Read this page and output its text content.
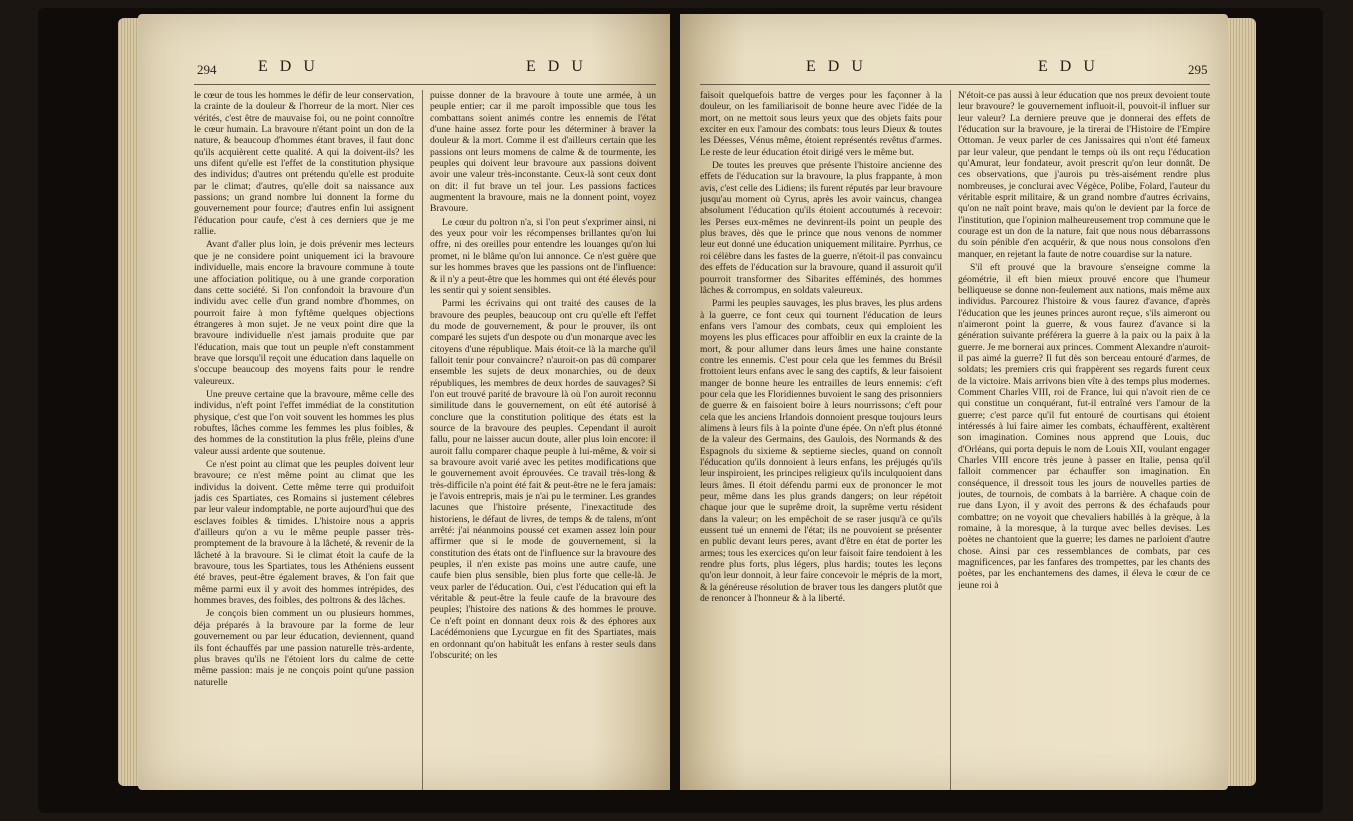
294	E D U	E D U

le cœur de tous les hommes le défir de leur conservation, la crainte de la douleur & l'horreur de la mort. Nier ces vérités, c'est être de mauvaise foi, ou ne point connoître le cœur humain. La bravoure n'étant point un don de la nature, & beaucoup d'hommes étant braves, il faut donc qu'ils acquièrent cette qualité. A qui la doivent-ils? les uns difent qu'elle est l'effet de la constitution physique des individus; d'autres ont prétendu qu'elle est produite par le climat; d'autres, qu'elle doit sa naissance aux passions; un grand nombre lui donnent la forme du gouvernement pour fource; d'autres enfin lui assignent l'éducation pour caufe, c'est à ces derniers que je me rallie.

Avant d'aller plus loin, je dois prévenir mes lecteurs que je ne considere point uniquement ici la bravoure individuelle, mais encore la bravoure commune à toute une affociation politique, ou à une grande corporation dans cette société. Si l'on confondoit la bravoure d'un individu avec celle d'un grand nombre d'hommes, on pourroit faire à mon fyftême quelques objections étrangeres à mon sujet. Je ne veux point dire que la bravoure individuelle n'est jamais produite que par l'éducation, mais que tout un peuple n'eft constamment brave que lorsqu'il reçoit une éducation dans laquelle on s'occupe beaucoup des moyens faits pour le rendre valeureux.

Une preuve certaine que la bravoure, même celle des individus, n'eft point l'effet immédiat de la constitution physique, c'est que l'on voit souvent les hommes les plus robuftes, lâches comme les femmes les plus foibles, & des hommes de la constitution la plus frêle, pleins d'une valeur aussi ardente que soutenue.

Ce n'est point au climat que les peuples doivent leur bravoure; ce n'est même point au climat que les individus la doivent. Cette même terre qui produifoit jadis ces Spartiates, ces Romains si justement célebres par leur valeur indomptable, ne porte aujourd'hui que des esclaves foibles & timides. L'histoire nous a appris d'ailleurs qu'on a vu le même peuple passer très-promptement de la bravoure à la lâcheté, & revenir de la lâcheté à la bravoure. Si le climat étoit la caufe de la bravoure, tous les Spartiates, tous les Athéniens eussent été braves, peut-être également braves, & l'on fait que même parmi eux il y avoit des hommes intrépides, des hommes braves, des foibles, des poltrons & des lâches.

Je conçois bien comment un ou plusieurs hommes, déja préparés à la bravoure par la forme de leur gouvernement ou par leur éducation, deviennent, quand ils font échauffés par une passion naturelle très-ardente, plus braves qu'ils ne l'étoient lors du calme de cette même passion: mais je ne conçois point qu'une passion naturelle

puisse donner de la bravoure à toute une armée, à un peuple entier; car il me paroît impossible que tous les combattans soient animés contre les ennemis de l'état d'une haine assez forte pour les déterminer à braver la douleur & la mort. Comme il est d'ailleurs certain que les passions ont leurs momens de calme & de tourmente, les peuples qui doivent leur bravoure aux passions doivent avoir une valeur très-inconstante. Ceux-là sont ceux dont on dit: il fut brave un tel jour. Les passions factices augmentent la bravoure, mais ne la donnent point, voyez Bravoure.

Le cœur du poltron n'a, si l'on peut s'exprimer ainsi, ni des yeux pour voir les récompenses brillantes qu'on lui offre, ni des oreilles pour entendre les louanges qu'on lui promet, ni le blâme qu'on lui annonce. Ce n'est guère que sur les hommes braves que les passions ont de l'influence: & il n'y a peut-être que les hommes qui ont été élevés pour les sentir qui y soient sensibles.

Parmi les écrivains qui ont traité des causes de la bravoure des peuples, beaucoup ont cru qu'elle eft l'effet du mode de gouvernement, & pour le prouver, ils ont comparé les sujets d'un despote ou d'un monarque avec les citoyens d'une république. Mais étoit-ce là la marche qu'il falloit tenir pour convaincre? n'auroit-on pas dû comparer ensemble les sujets de deux monarchies, ou de deux républiques, les membres de deux hordes de sauvages? Si l'on eut trouvé parité de bravoure là où l'on auroit reconnu similitude dans le gouvernement, on eût été autorisé à conclure que la constitution politique des états est la source de la bravoure des peuples. Cependant il auroit fallu, pour ne laisser aucun doute, aller plus loin encore: il auroit fallu comparer chaque peuple à lui-même, & voir si sa bravoure avoit varié avec les petites modifications que le gouvernement avoit éprouvées. Ce travail très-long & très-difficile n'a point été fait & peut-être ne le fera jamais: je l'avois entrepris, mais je n'ai pu le terminer. Les grandes lacunes que l'histoire présente, l'inexactitude des historiens, le défaut de livres, de temps & de talens, m'ont arrêté: j'ai néanmoins poussé cet examen assez loin pour affirmer que si le mode de gouvernement, si la constitution des états ont de l'influence sur la bravoure des peuples, il n'en existe pas moins une autre caufe, une caufe bien plus sensible, bien plus forte que celle-là. Je veux parler de l'éducation. Oui, c'est l'éducation qui eft la véritable & peut-être la feule caufe de la bravoure des peuples; l'histoire des nations & des hommes le prouve. Ce n'eft point en donnant deux rois & des éphores aux Lacédémoniens que Lycurgue en fit des Spartiates, mais en ordonnant qu'on habituât les enfans à rester seuls dans l'obscurité; on les

E D U	E D U	295

faisoit quelquefois battre de verges pour les façonner à la douleur, on les familiarisoit de bonne heure avec l'idée de la mort, on ne mettoit sous leurs yeux que des objets faits pour exciter en eux l'amour des combats: tous leurs Dieux & toutes les Déesses, Vénus même, étoient représentés revêtus d'armes. Le reste de leur éducation étoit dirigé vers le même but.

De toutes les preuves que présente l'histoire ancienne des effets de l'éducation sur la bravoure, la plus frappante, à mon avis, c'est celle des Lidiens; ils furent réputés par leur bravoure jusqu'au moment où Cyrus, après les avoir vaincus, changea absolument l'éducation qu'ils étoient accoutumés à recevoir: les Perses eux-mêmes ne devinrent-ils point un peuple des plus braves, dès que le prince que nous venons de nommer leur eut donné une éducation uniquement militaire. Pyrrhus, ce roi célèbre dans les fastes de la guerre, n'étoit-il pas convaincu des effets de l'éducation sur la bravoure, quand il assuroit qu'il pourroit transformer des Sibarites efféminés, des hommes lâches & corrompus, en soldats valeureux.

Parmi les peuples sauvages, les plus braves, les plus ardens à la guerre, ce font ceux qui tournent l'éducation de leurs enfans vers l'amour des combats, ceux qui emploient les moyens les plus efficaces pour affoiblir en eux la crainte de la mort, & pour allumer dans leurs âmes une haine constante contre les ennemis. C'est pour cela que les femmes du Brésil frottoient leurs enfans avec le sang des captifs, & leur faisoient manger de bonne heure les entrailles de leurs ennemis: c'eft pour cela que les Floridiennes buvoient le sang des prisonniers de guerre & en faisoient boire à leurs nourrissons; c'eft pour cela que les anciens Irlandois donnoient presque toujours leurs alimens à leurs fils à la pointe d'une épée. On n'eft plus étonné de la valeur des Germains, des Gaulois, des Normands & des Espagnols du sixieme & septieme siecles, quand on connoît l'éducation qu'ils donnoient à leurs enfans, les préjugés qu'ils leur inspiroient, les principes religieux qu'ils inculquoient dans leurs âmes. Il étoit défendu parmi eux de prononcer le mot peur, même dans les plus grands dangers; on leur répétoit chaque jour que le suprême droit, la suprême vertu résident dans la valeur; on les empêchoit de se raser jusqu'à ce qu'ils eussent tué un ennemi de l'état; ils ne pouvoient se présenter en public devant leurs peres, avant d'être en état de porter les armes; tous les exercices qu'on leur faisoit faire tendoient à les rendre plus forts, plus légers, plus hardis; toutes les leçons qu'on leur donnoit, à leur faire concevoir le mépris de la mort, & la généreuse résolution de braver tous les dangers plutôt que de renoncer à l'honneur & à la liberté.

N'étoit-ce pas aussi à leur éducation que nos preux devoient toute leur bravoure? le gouvernement influoit-il, pouvoit-il influer sur leur valeur? La derniere preuve que je donnerai des effets de l'éducation sur la bravoure, je la tirerai de l'Histoire de l'Empire Ottoman. Je veux parler de ces Janissaires qui n'ont été fameux par leur valeur, que pendant le temps où ils ont reçu l'éducation qu'Amurat, leur fondateur, avoit prescrit qu'on leur donnât. De ces observations, que j'aurois pu très-aisément rendre plus nombreuses, je conclurai avec Végèce, Polibe, Folard, l'auteur du véritable esprit militaire, & un grand nombre d'autres écrivains, qu'on ne naît point brave, mais qu'on le devient par la force de l'institution, que l'opinion malheureusement trop commune que le courage est un don de la nature, fait que nous nous débarrassons du soin pénible d'en acquérir, & que nous nous consolons d'en manquer, en rejetant la faute de notre couardise sur la nature.

S'il eft prouvé que la bravoure s'enseigne comme la géométrie, il eft bien mieux prouvé encore que l'humeur belliqueuse se donne non-feulement aux nations, mais même aux individus. Parcourez l'histoire & vous faurez d'avance, d'après l'éducation que les jeunes princes auront reçue, s'ils aimeront ou n'aimeront point la guerre, & vous faurez d'avance si la génération suivante préférera la guerre à la paix ou la paix à la guerre. Je me bornerai aux princes. Comment Alexandre n'auroit-il pas aimé la guerre? Il fut dès son berceau entouré d'armes, de soldats; les premiers cris qui frappèrent ses regards furent ceux de la victoire. Mais arrivons bien vîte à des temps plus modernes. Comment Charles VIII, roi de France, lui qui n'avoit rien de ce qui constitue un conquérant, fut-il entraîné vers l'amour de la guerre; c'est parce qu'il fut entouré de courtisans qui étoient intéressés à lui faire aimer les combats, échauffèrent, exaltèrent son imagination. Comines nous apprend que Louis, duc d'Orléans, qui porta depuis le nom de Louis XII, voulant engager Charles VIII encore très jeune à passer en Italie, pensa qu'il falloit commencer par échauffer son imagination. En conséquence, il dressoit tous les jours de nouvelles parties de joutes, de tournois, de combats à la barrière. A chaque coin de rue dans Lyon, il y avoit des perrons & des échafauds pour combattre; on ne voyoit que chevaliers habillés à la grèque, à la romaine, à la moresque, à la turque avec belles devises. Les poètes ne chantoient que la guerre; les dames ne parloient d'autre chose. Ainsi par ces ressemblances de combats, par ces magnificences, par les fanfares des trompettes, par les chants des poètes, par les enchantemens des dames, il éleva le cœur de ce jeune roi à
